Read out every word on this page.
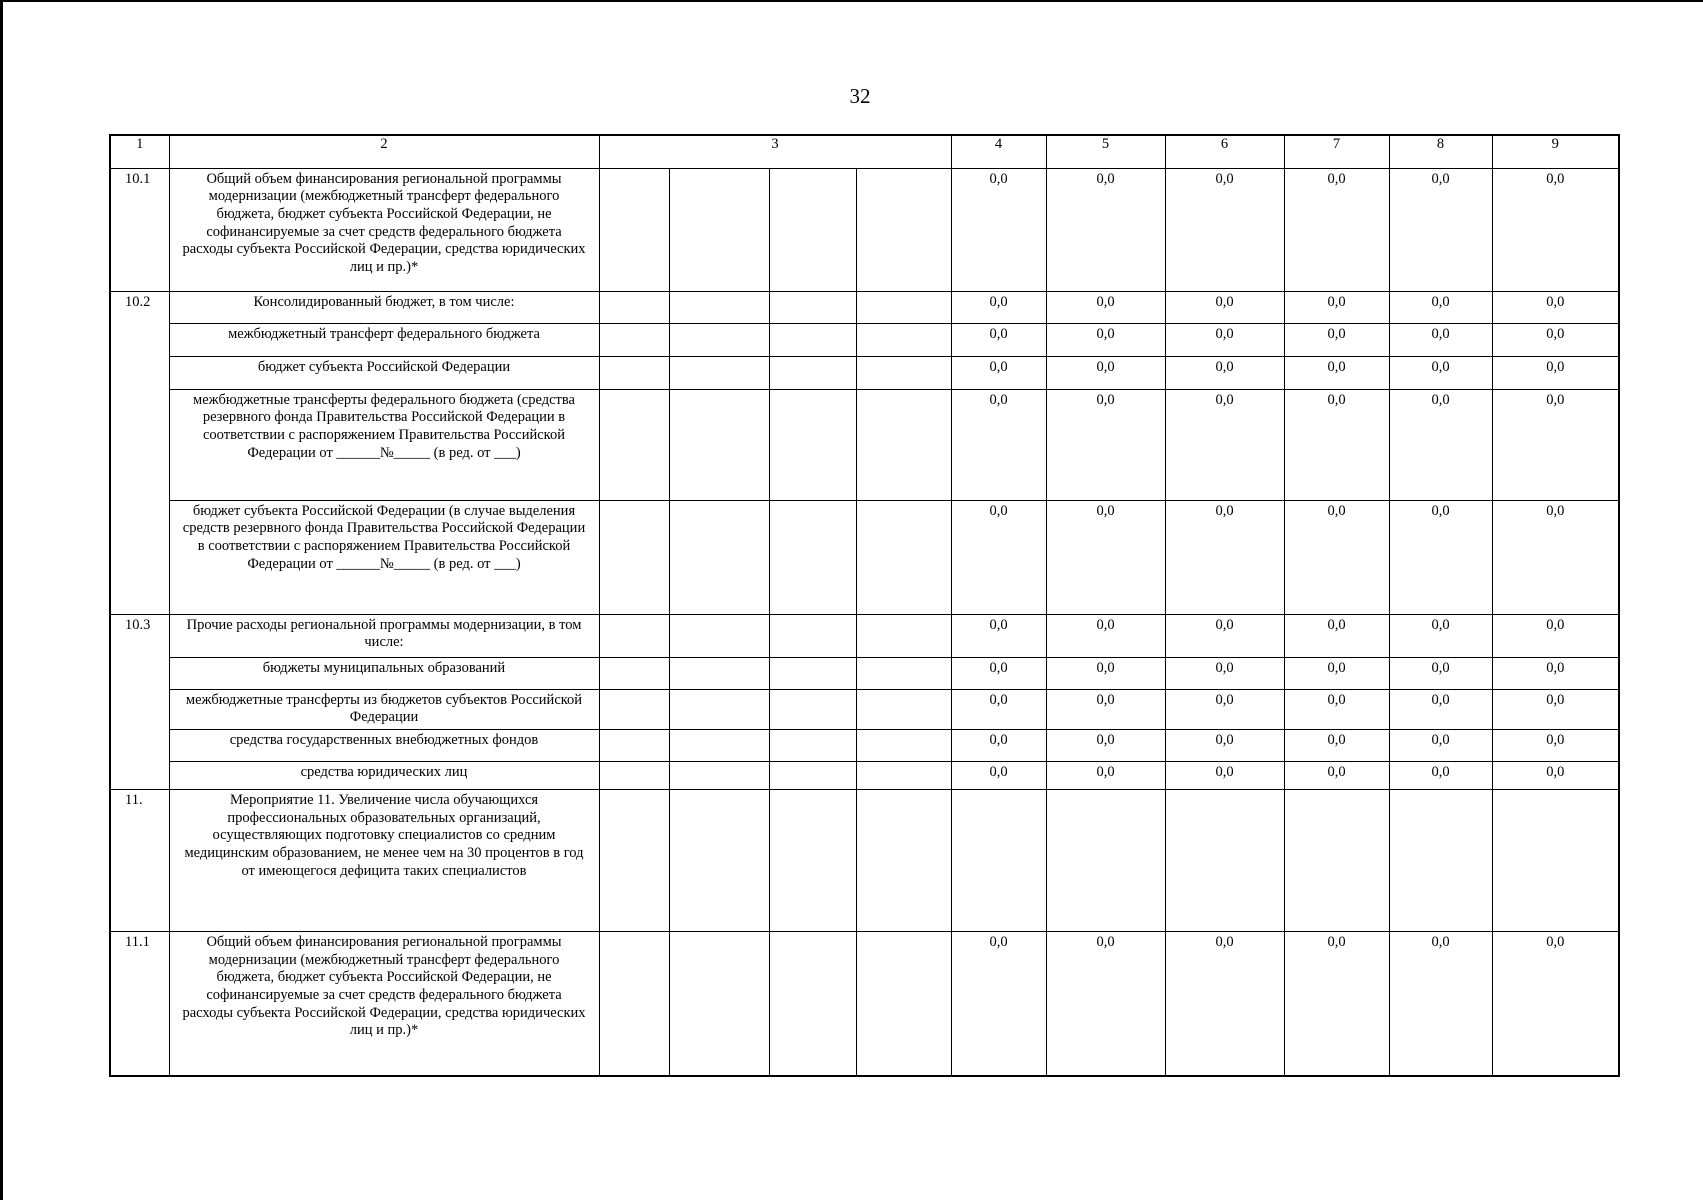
32
1	2	3				4	5	6	7	8	9
10.1	Общий объем финансирования региональной программы модернизации (межбюджетный трансферт федерального бюджета, бюджет субъекта Российской Федерации, не софинансируемые за счет средств федерального бюджета расходы субъекта Российской Федерации, средства юридических лиц и пр.)*					0,0	0,0	0,0	0,0	0,0	0,0
10.2	Консолидированный бюджет, в том числе:					0,0	0,0	0,0	0,0	0,0	0,0
	межбюджетный трансферт федерального бюджета					0,0	0,0	0,0	0,0	0,0	0,0
	бюджет субъекта Российской Федерации					0,0	0,0	0,0	0,0	0,0	0,0
	межбюджетные трансферты федерального бюджета (средства резервного фонда Правительства Российской Федерации в соответствии с распоряжением Правительства Российской Федерации от ______№_____ (в ред. от ___)					0,0	0,0	0,0	0,0	0,0	0,0
	бюджет субъекта Российской Федерации (в случае выделения средств резервного фонда Правительства Российской Федерации в соответствии с распоряжением Правительства Российской Федерации от ______№_____ (в ред. от ___)					0,0	0,0	0,0	0,0	0,0	0,0
10.3	Прочие расходы региональной программы модернизации, в том числе:					0,0	0,0	0,0	0,0	0,0	0,0
	бюджеты муниципальных образований					0,0	0,0	0,0	0,0	0,0	0,0
	межбюджетные трансферты из бюджетов субъектов Российской Федерации					0,0	0,0	0,0	0,0	0,0	0,0
	средства государственных внебюджетных фондов					0,0	0,0	0,0	0,0	0,0	0,0
	средства юридических лиц					0,0	0,0	0,0	0,0	0,0	0,0
11.	Мероприятие 11. Увеличение числа обучающихся профессиональных образовательных организаций, осуществляющих подготовку специалистов со средним медицинским образованием, не менее чем на 30 процентов в год от имеющегося дефицита таких специалистов										
11.1	Общий объем финансирования региональной программы модернизации (межбюджетный трансферт федерального бюджета, бюджет субъекта Российской Федерации, не софинансируемые за счет средств федерального бюджета расходы субъекта Российской Федерации, средства юридических лиц и пр.)*					0,0	0,0	0,0	0,0	0,0	0,0
